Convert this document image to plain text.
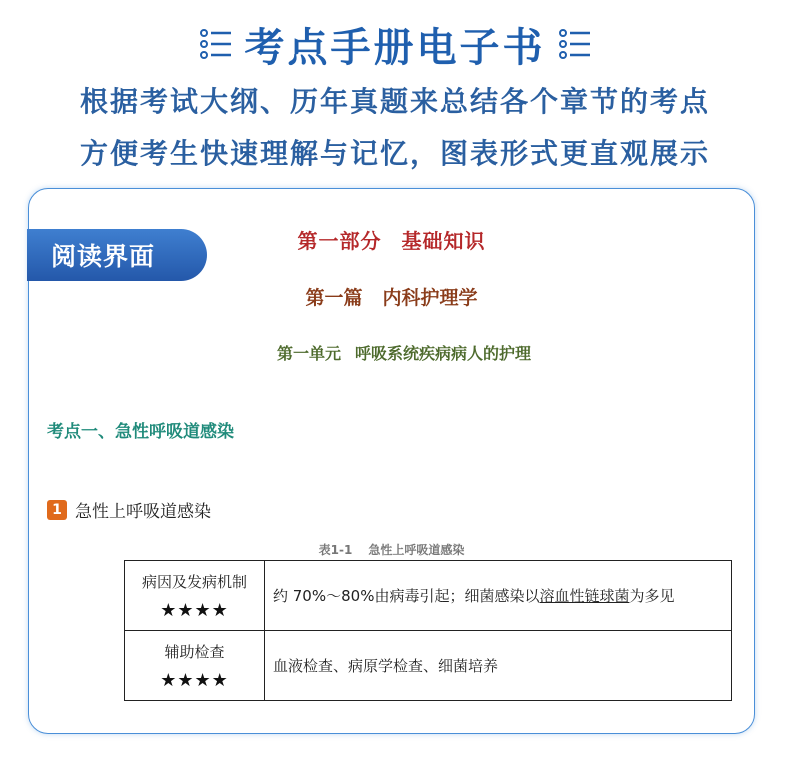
考点手册电子书
根据考试大纲、历年真题来总结各个章节的考点
方便考生快速理解与记忆，图表形式更直观展示
阅读界面
第一部分 基础知识
第一篇 内科护理学
第一单元 呼吸系统疾病病人的护理
考点一、急性呼吸道感染
1 急性上呼吸道感染
表1-1 急性上呼吸道感染
病因及发病机制
★★★★	约 70%～80%由病毒引起；细菌感染以溶血性链球菌为多见

辅助检查
★★★★	血液检查、病原学检查、细菌培养
